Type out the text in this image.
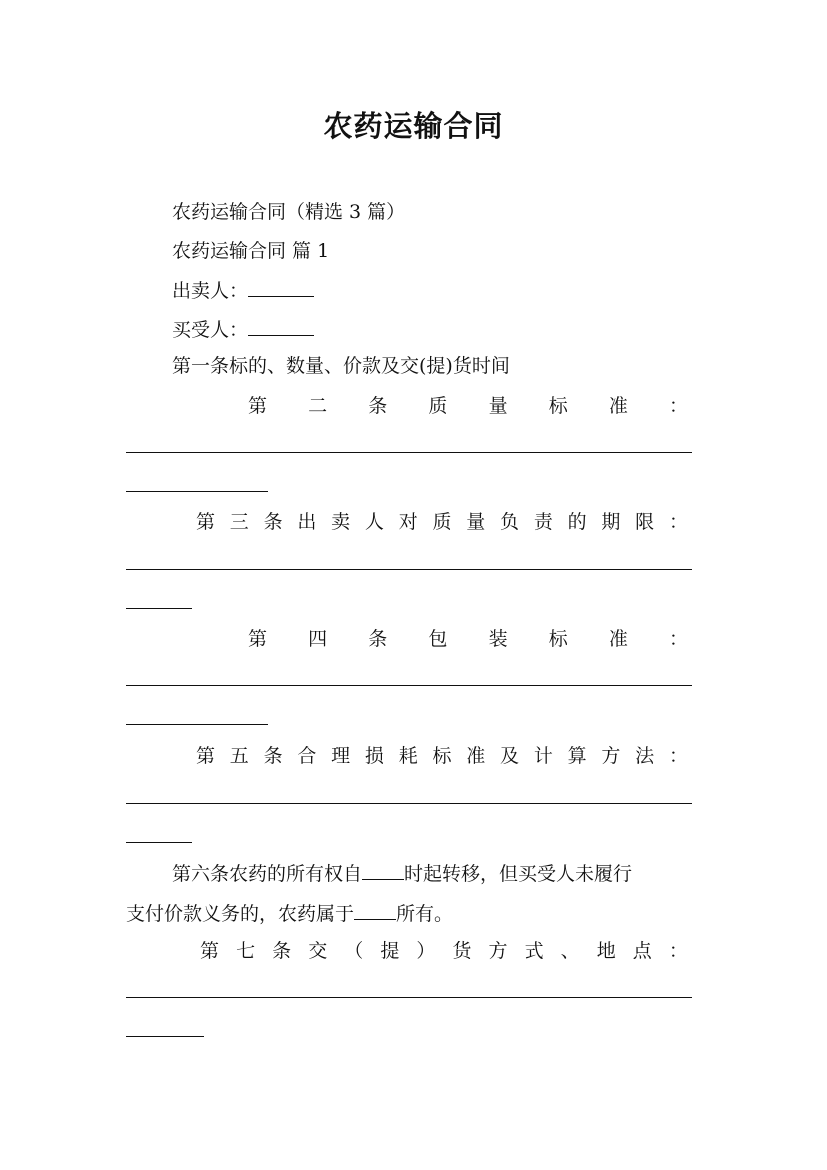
农药运输合同
农药运输合同（精选 3 篇）
农药运输合同 篇 1
出卖人：
买受人：
第一条标的、数量、价款及交(提)货时间
第 二 条 质 量 标 准 ：
第 三 条 出 卖 人 对 质 量 负 责 的 期 限 ：
第 四 条 包 装 标 准 ：
第 五 条 合 理 损 耗 标 准 及 计 算 方 法 ：
第六条农药的所有权自 时起转移，但买受人未履行
支付价款义务的，农药属于 所有。
第 七 条 交 （ 提 ） 货 方 式 、 地 点 ：
